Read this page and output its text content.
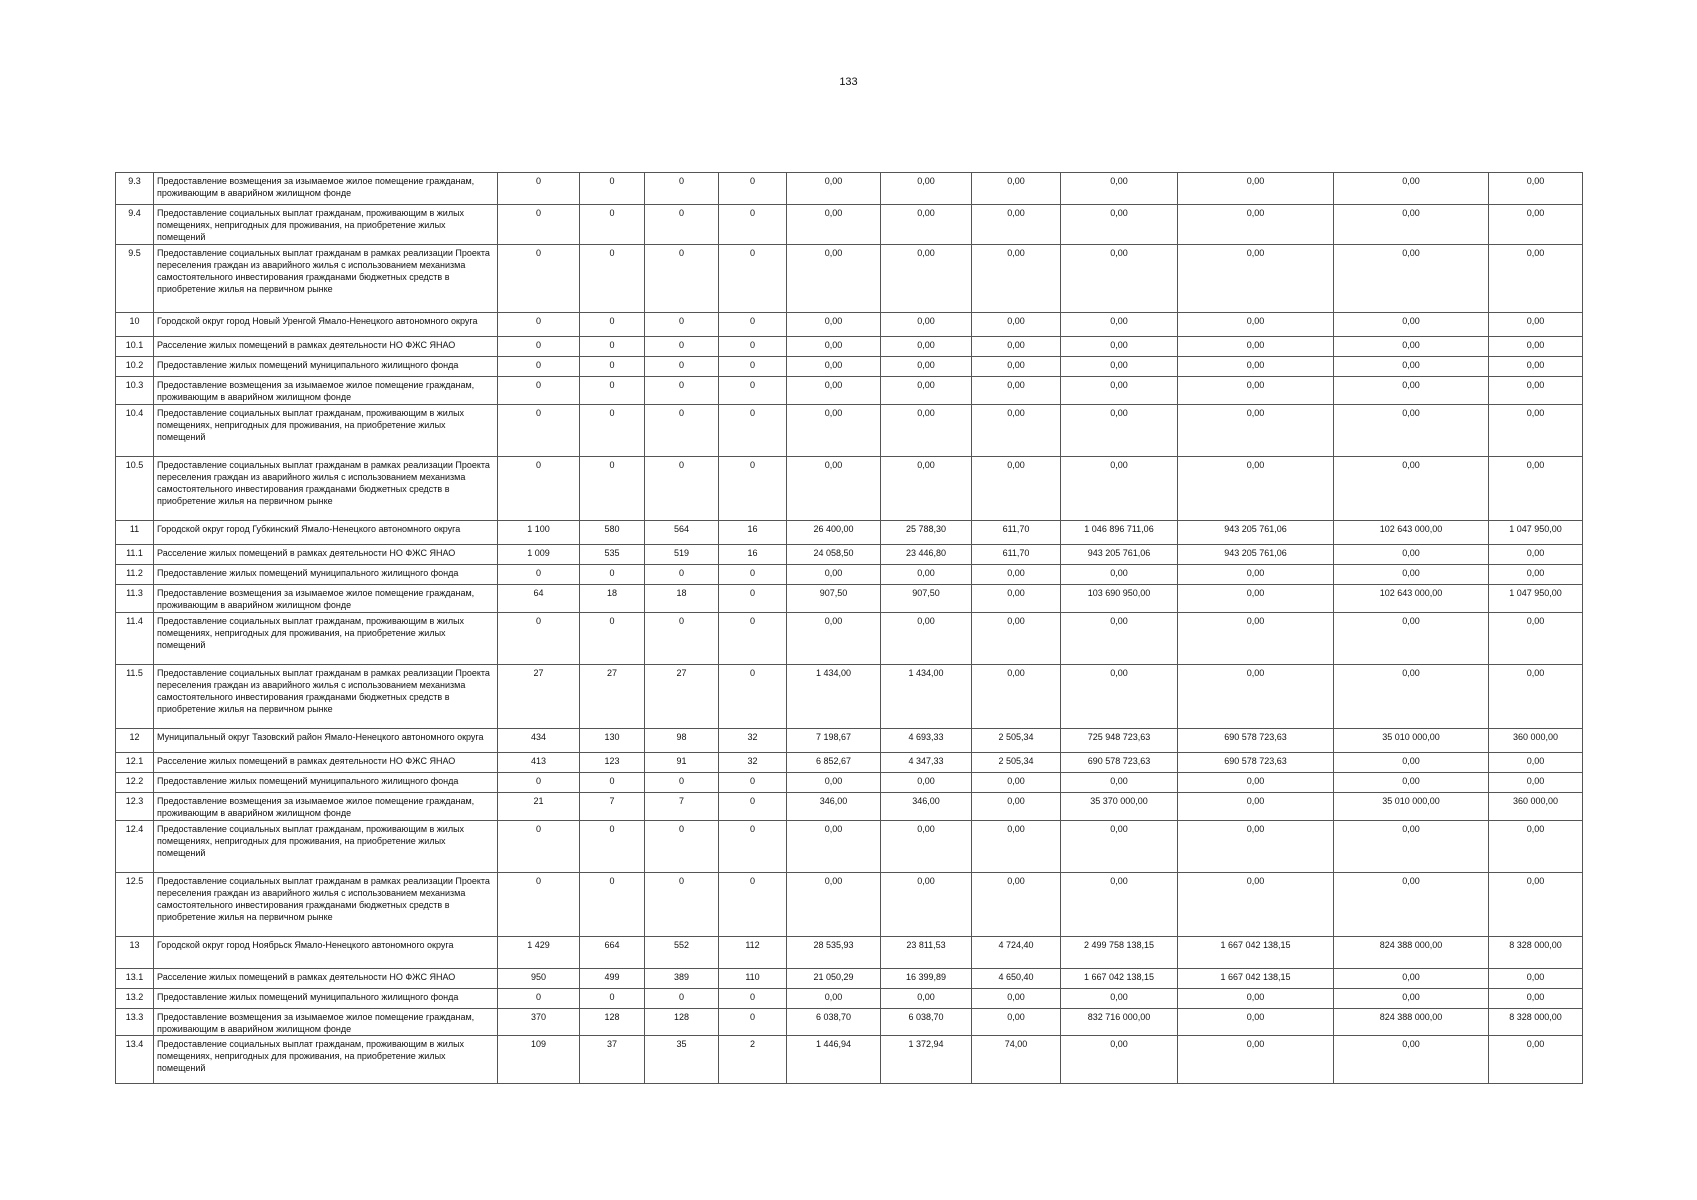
133
9.3	Предоставление возмещения за изымаемое жилое помещение гражданам, проживающим в аварийном жилищном фонде	0	0	0	0	0,00	0,00	0,00	0,00	0,00	0,00	0,00
9.4	Предоставление социальных выплат гражданам, проживающим в жилых помещениях, непригодных для проживания, на приобретение жилых помещений	0	0	0	0	0,00	0,00	0,00	0,00	0,00	0,00	0,00
9.5	Предоставление социальных выплат гражданам в рамках реализации Проекта переселения граждан из аварийного жилья с использованием механизма самостоятельного инвестирования гражданами бюджетных средств в приобретение жилья на первичном рынке	0	0	0	0	0,00	0,00	0,00	0,00	0,00	0,00	0,00
10	Городской округ город Новый Уренгой Ямало-Ненецкого автономного округа	0	0	0	0	0,00	0,00	0,00	0,00	0,00	0,00	0,00
10.1	Расселение жилых помещений в рамках деятельности НО ФЖС ЯНАО	0	0	0	0	0,00	0,00	0,00	0,00	0,00	0,00	0,00
10.2	Предоставление жилых помещений муниципального жилищного фонда	0	0	0	0	0,00	0,00	0,00	0,00	0,00	0,00	0,00
10.3	Предоставление возмещения за изымаемое жилое помещение гражданам, проживающим в аварийном жилищном фонде	0	0	0	0	0,00	0,00	0,00	0,00	0,00	0,00	0,00
10.4	Предоставление социальных выплат гражданам, проживающим в жилых помещениях, непригодных для проживания, на приобретение жилых помещений	0	0	0	0	0,00	0,00	0,00	0,00	0,00	0,00	0,00
10.5	Предоставление социальных выплат гражданам в рамках реализации Проекта переселения граждан из аварийного жилья с использованием механизма самостоятельного инвестирования гражданами бюджетных средств в приобретение жилья на первичном рынке	0	0	0	0	0,00	0,00	0,00	0,00	0,00	0,00	0,00
11	Городской округ город Губкинский Ямало-Ненецкого автономного округа	1 100	580	564	16	26 400,00	25 788,30	611,70	1 046 896 711,06	943 205 761,06	102 643 000,00	1 047 950,00
11.1	Расселение жилых помещений в рамках деятельности НО ФЖС ЯНАО	1 009	535	519	16	24 058,50	23 446,80	611,70	943 205 761,06	943 205 761,06	0,00	0,00
11.2	Предоставление жилых помещений муниципального жилищного фонда	0	0	0	0	0,00	0,00	0,00	0,00	0,00	0,00	0,00
11.3	Предоставление возмещения за изымаемое жилое помещение гражданам, проживающим в аварийном жилищном фонде	64	18	18	0	907,50	907,50	0,00	103 690 950,00	0,00	102 643 000,00	1 047 950,00
11.4	Предоставление социальных выплат гражданам, проживающим в жилых помещениях, непригодных для проживания, на приобретение жилых помещений	0	0	0	0	0,00	0,00	0,00	0,00	0,00	0,00	0,00
11.5	Предоставление социальных выплат гражданам в рамках реализации Проекта переселения граждан из аварийного жилья с использованием механизма самостоятельного инвестирования гражданами бюджетных средств в приобретение жилья на первичном рынке	27	27	27	0	1 434,00	1 434,00	0,00	0,00	0,00	0,00	0,00
12	Муниципальный округ Тазовский район Ямало-Ненецкого автономного округа	434	130	98	32	7 198,67	4 693,33	2 505,34	725 948 723,63	690 578 723,63	35 010 000,00	360 000,00
12.1	Расселение жилых помещений в рамках деятельности НО ФЖС ЯНАО	413	123	91	32	6 852,67	4 347,33	2 505,34	690 578 723,63	690 578 723,63	0,00	0,00
12.2	Предоставление жилых помещений муниципального жилищного фонда	0	0	0	0	0,00	0,00	0,00	0,00	0,00	0,00	0,00
12.3	Предоставление возмещения за изымаемое жилое помещение гражданам, проживающим в аварийном жилищном фонде	21	7	7	0	346,00	346,00	0,00	35 370 000,00	0,00	35 010 000,00	360 000,00
12.4	Предоставление социальных выплат гражданам, проживающим в жилых помещениях, непригодных для проживания, на приобретение жилых помещений	0	0	0	0	0,00	0,00	0,00	0,00	0,00	0,00	0,00
12.5	Предоставление социальных выплат гражданам в рамках реализации Проекта переселения граждан из аварийного жилья с использованием механизма самостоятельного инвестирования гражданами бюджетных средств в приобретение жилья на первичном рынке	0	0	0	0	0,00	0,00	0,00	0,00	0,00	0,00	0,00
13	Городской округ город Ноябрьск Ямало-Ненецкого автономного округа	1 429	664	552	112	28 535,93	23 811,53	4 724,40	2 499 758 138,15	1 667 042 138,15	824 388 000,00	8 328 000,00
13.1	Расселение жилых помещений в рамках деятельности НО ФЖС ЯНАО	950	499	389	110	21 050,29	16 399,89	4 650,40	1 667 042 138,15	1 667 042 138,15	0,00	0,00
13.2	Предоставление жилых помещений муниципального жилищного фонда	0	0	0	0	0,00	0,00	0,00	0,00	0,00	0,00	0,00
13.3	Предоставление возмещения за изымаемое жилое помещение гражданам, проживающим в аварийном жилищном фонде	370	128	128	0	6 038,70	6 038,70	0,00	832 716 000,00	0,00	824 388 000,00	8 328 000,00
13.4	Предоставление социальных выплат гражданам, проживающим в жилых помещениях, непригодных для проживания, на приобретение жилых помещений	109	37	35	2	1 446,94	1 372,94	74,00	0,00	0,00	0,00	0,00
